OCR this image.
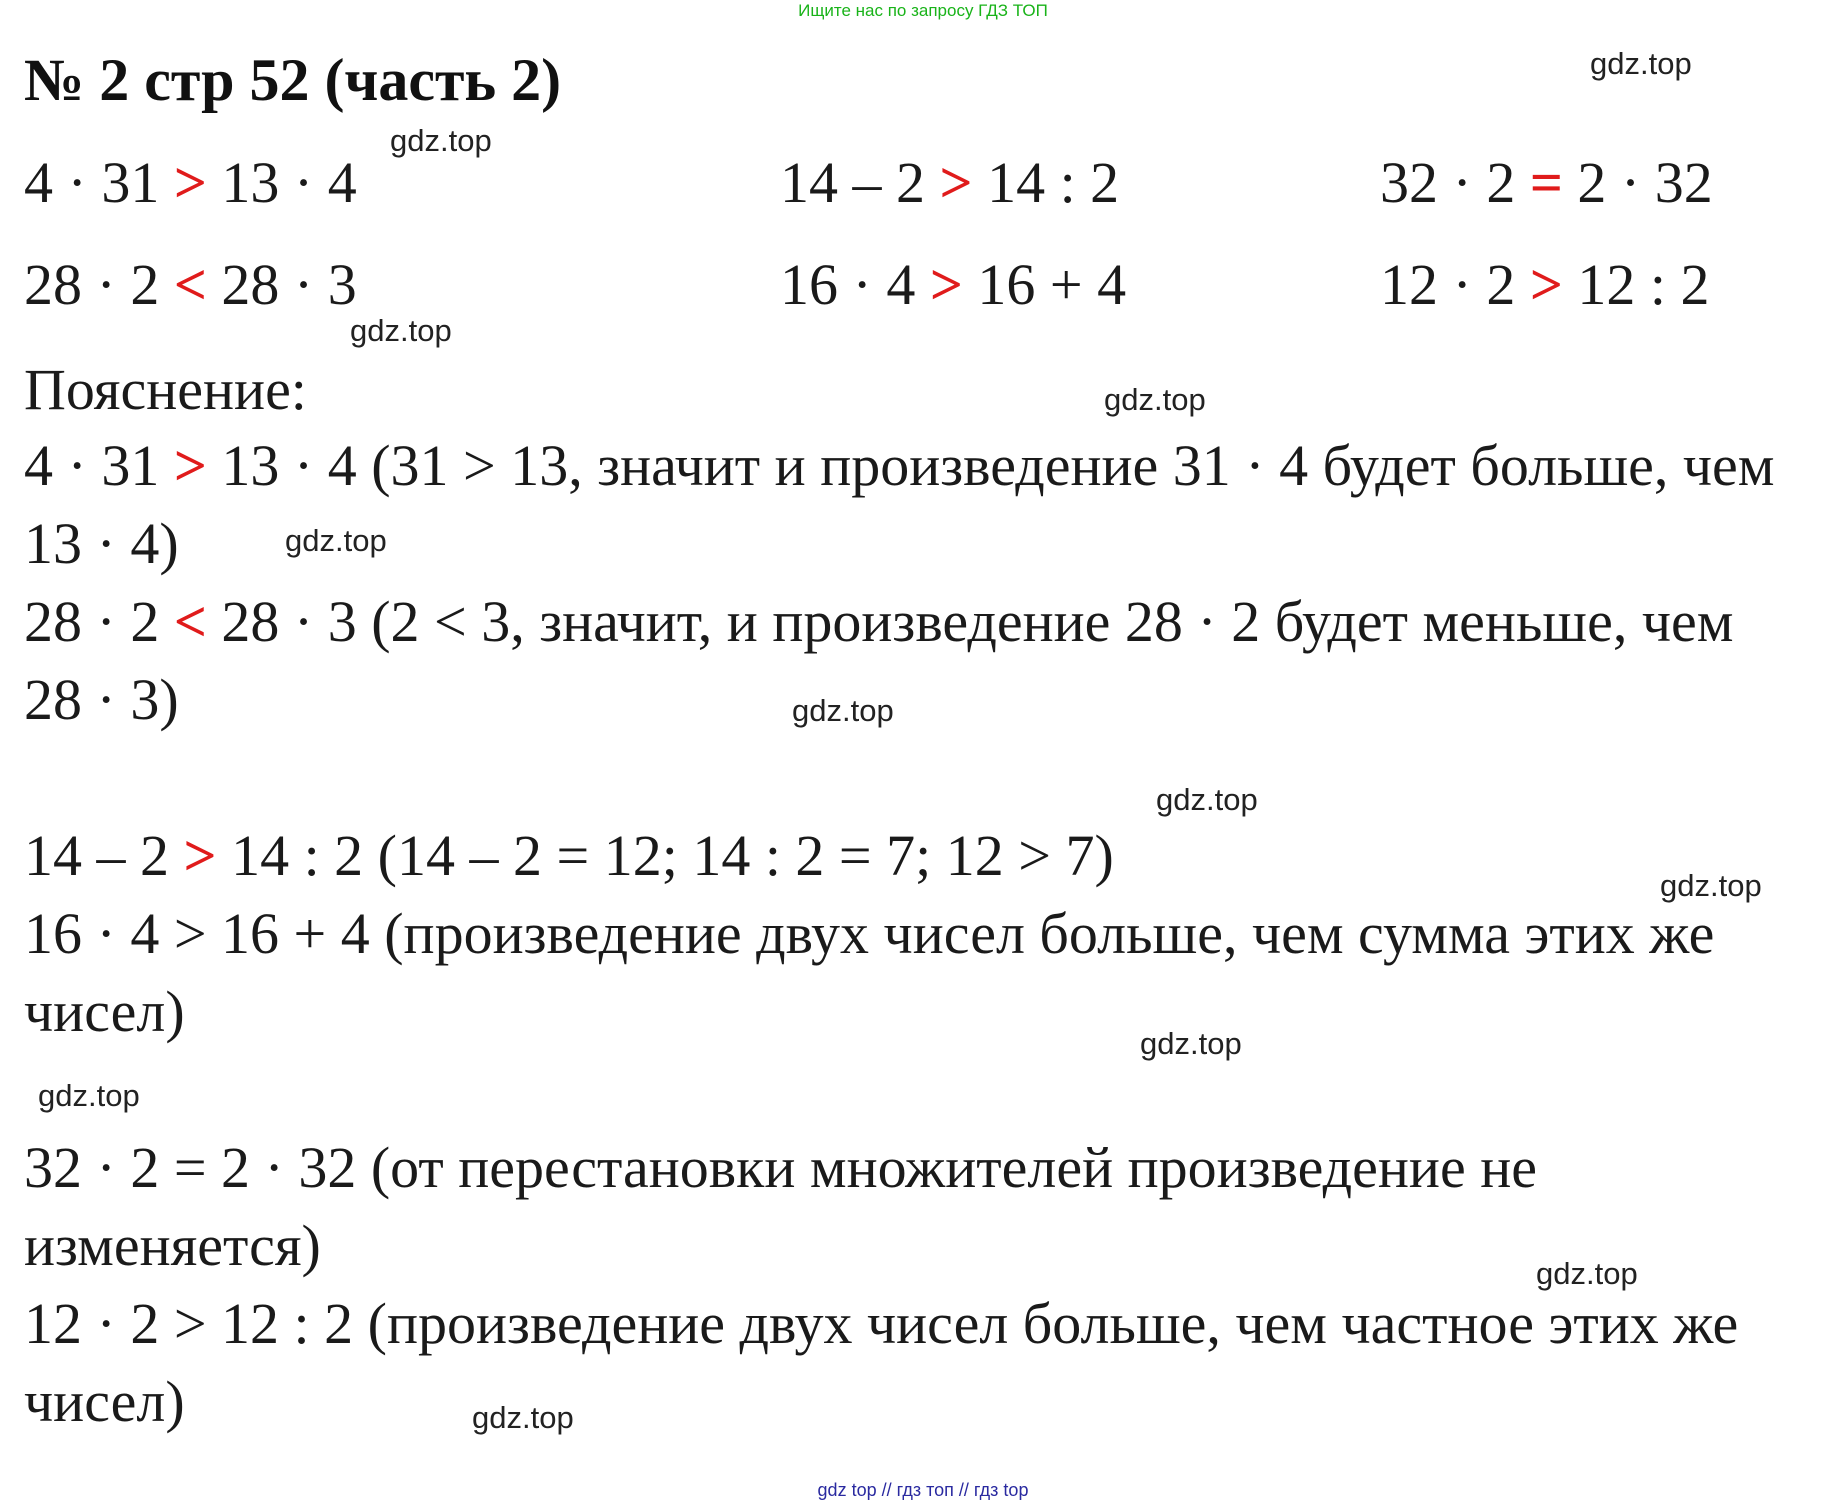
Ищите нас по запросу ГДЗ ТОП
№ 2 стр 52 (часть 2)
4 · 31 > 13 · 4	14 – 2 > 14 : 2	32 · 2 = 2 · 32
28 · 2 < 28 · 3	16 · 4 > 16 + 4	12 · 2 > 12 : 2
Пояснение:
4 · 31 > 13 · 4 (31 > 13, значит и произведение 31 · 4 будет больше, чем
13 · 4)
28 · 2 < 28 · 3 (2 < 3, значит, и произведение 28 · 2 будет меньше, чем
28 · 3)
14 – 2 > 14 : 2 (14 – 2 = 12; 14 : 2 = 7; 12 > 7)
16 · 4 > 16 + 4 (произведение двух чисел больше, чем сумма этих же
чисел)
32 · 2 = 2 · 32 (от перестановки множителей произведение не
изменяется)
12 · 2 > 12 : 2 (произведение двух чисел больше, чем частное этих же
чисел)
gdz.top
gdz.top
gdz.top
gdz.top
gdz.top
gdz.top
gdz.top
gdz.top
gdz.top
gdz.top
gdz.top
gdz.top
gdz top // гдз топ // гдз top
